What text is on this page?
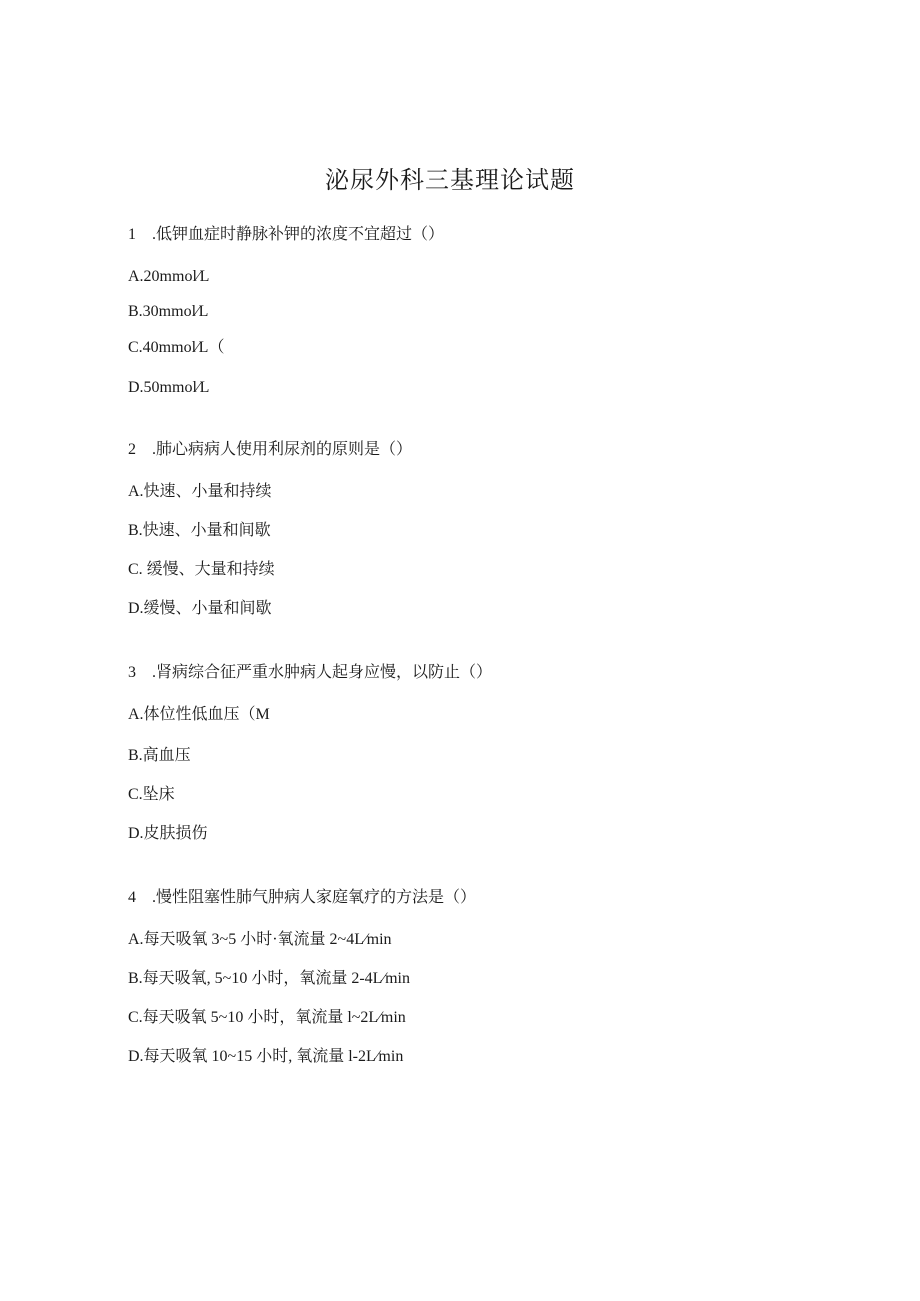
泌尿外科三基理论试题
1　.低钾血症时静脉补钾的浓度不宜超过（）
A.20mmol∕L
B.30mmol∕L
C.40mmol∕L（
D.50mmol∕L
2　.肺心病病人使用利尿剂的原则是（）
A.快速、小量和持续
B.快速、小量和间歇
C. 缓慢、大量和持续
D.缓慢、小量和间歇
3　.肾病综合征严重水肿病人起身应慢，以防止（）
A.体位性低血压（M
B.高血压
C.坠床
D.皮肤损伤
4　.慢性阻塞性肺气肿病人家庭氧疗的方法是（）
A.每天吸氧 3~5 小时·氧流量 2~4L∕min
B.每天吸氧, 5~10 小时，氧流量 2-4L∕min
C.每天吸氧 5~10 小时，氧流量 l~2L∕min
D.每天吸氧 10~15 小时, 氧流量 l-2L∕min
